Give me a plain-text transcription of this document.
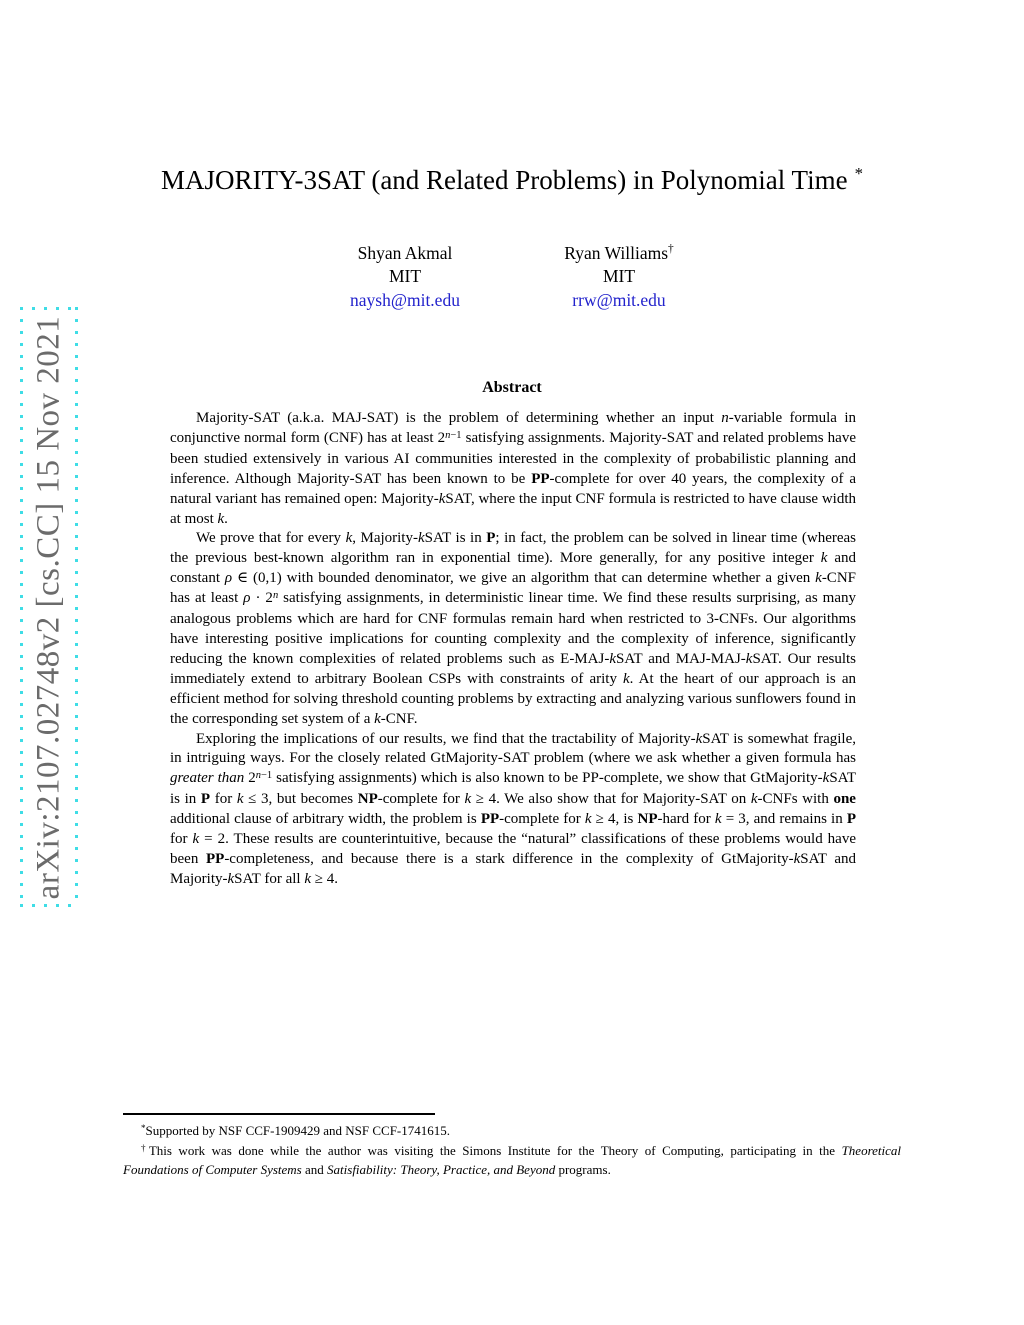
arXiv:2107.02748v2 [cs.CC] 15 Nov 2021
MAJORITY-3SAT (and Related Problems) in Polynomial Time *
Shyan Akmal
MIT
naysh@mit.edu
Ryan Williams†
MIT
rrw@mit.edu
Abstract

Majority-SAT (a.k.a. MAJ-SAT) is the problem of determining whether an input n-variable formula in conjunctive normal form (CNF) has at least $2^{n-1}$ satisfying assignments. Majority-SAT and related problems have been studied extensively in various AI communities interested in the complexity of probabilistic planning and inference. Although Majority-SAT has been known to be PP-complete for over 40 years, the complexity of a natural variant has remained open: Majority-kSAT, where the input CNF formula is restricted to have clause width at most k.

We prove that for every k, Majority-kSAT is in P; in fact, the problem can be solved in linear time (whereas the previous best-known algorithm ran in exponential time). More generally, for any positive integer k and constant ρ ∈ (0,1) with bounded denominator, we give an algorithm that can determine whether a given k-CNF has at least $\rho \cdot 2^n$ satisfying assignments, in deterministic linear time. We find these results surprising, as many analogous problems which are hard for CNF formulas remain hard when restricted to 3-CNFs. Our algorithms have interesting positive implications for counting complexity and the complexity of inference, significantly reducing the known complexities of related problems such as E-MAJ-kSAT and MAJ-MAJ-kSAT. Our results immediately extend to arbitrary Boolean CSPs with constraints of arity k. At the heart of our approach is an efficient method for solving threshold counting problems by extracting and analyzing various sunflowers found in the corresponding set system of a k-CNF.

Exploring the implications of our results, we find that the tractability of Majority-kSAT is somewhat fragile, in intriguing ways. For the closely related GtMajority-SAT problem (where we ask whether a given formula has greater than $2^{n-1}$ satisfying assignments) which is also known to be PP-complete, we show that GtMajority-kSAT is in P for k ≤ 3, but becomes NP-complete for k ≥ 4. We also show that for Majority-SAT on k-CNFs with one additional clause of arbitrary width, the problem is PP-complete for k ≥ 4, is NP-hard for k = 3, and remains in P for k = 2. These results are counterintuitive, because the “natural” classifications of these problems would have been PP-completeness, and because there is a stark difference in the complexity of GtMajority-kSAT and Majority-kSAT for all k ≥ 4.

*Supported by NSF CCF-1909429 and NSF CCF-1741615.

†This work was done while the author was visiting the Simons Institute for the Theory of Computing, participating in the Theoretical Foundations of Computer Systems and Satisfiability: Theory, Practice, and Beyond programs.
